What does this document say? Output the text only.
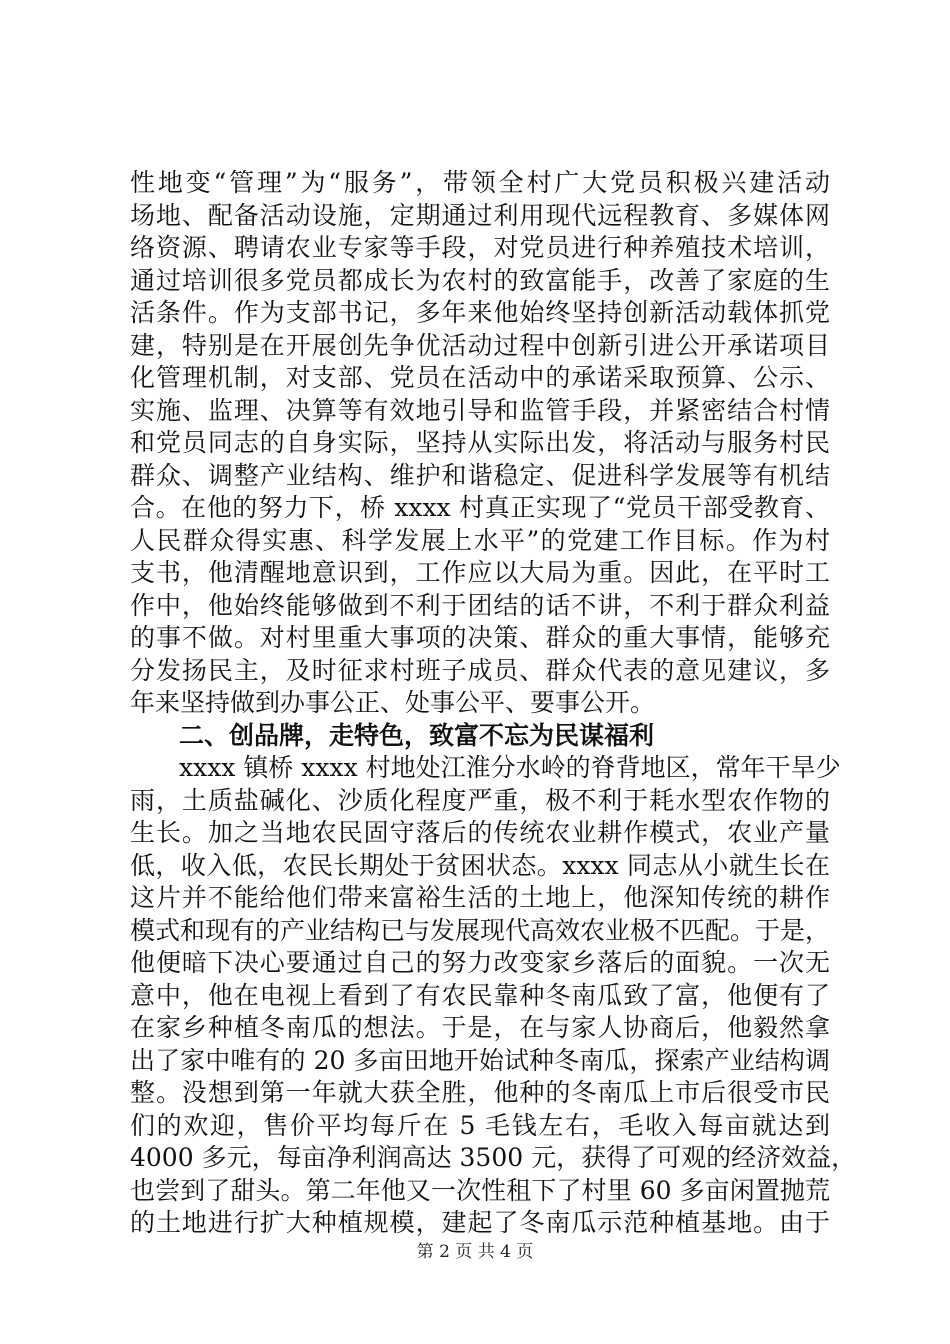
性地变“管理”为“服务”，带领全村广大党员积极兴建活动
场地、配备活动设施，定期通过利用现代远程教育、多媒体网
络资源、聘请农业专家等手段，对党员进行种养殖技术培训，
通过培训很多党员都成长为农村的致富能手，改善了家庭的生
活条件。作为支部书记，多年来他始终坚持创新活动载体抓党
建，特别是在开展创先争优活动过程中创新引进公开承诺项目
化管理机制，对支部、党员在活动中的承诺采取预算、公示、
实施、监理、决算等有效地引导和监管手段，并紧密结合村情
和党员同志的自身实际，坚持从实际出发，将活动与服务村民
群众、调整产业结构、维护和谐稳定、促进科学发展等有机结
合。在他的努力下，桥 xxxx 村真正实现了“党员干部受教育、
人民群众得实惠、科学发展上水平”的党建工作目标。作为村
支书，他清醒地意识到，工作应以大局为重。因此，在平时工
作中，他始终能够做到不利于团结的话不讲，不利于群众利益
的事不做。对村里重大事项的决策、群众的重大事情，能够充
分发扬民主，及时征求村班子成员、群众代表的意见建议，多
年来坚持做到办事公正、处事公平、要事公开。
二、创品牌，走特色，致富不忘为民谋福利
xxxx 镇桥 xxxx 村地处江淮分水岭的脊背地区，常年干旱少
雨，土质盐碱化、沙质化程度严重，极不利于耗水型农作物的
生长。加之当地农民固守落后的传统农业耕作模式，农业产量
低，收入低，农民长期处于贫困状态。xxxx 同志从小就生长在
这片并不能给他们带来富裕生活的土地上，他深知传统的耕作
模式和现有的产业结构已与发展现代高效农业极不匹配。于是，
他便暗下决心要通过自己的努力改变家乡落后的面貌。一次无
意中，他在电视上看到了有农民靠种冬南瓜致了富，他便有了
在家乡种植冬南瓜的想法。于是，在与家人协商后，他毅然拿
出了家中唯有的 20 多亩田地开始试种冬南瓜，探索产业结构调
整。没想到第一年就大获全胜，他种的冬南瓜上市后很受市民
们的欢迎，售价平均每斤在 5 毛钱左右，毛收入每亩就达到
4000 多元，每亩净利润高达 3500 元，获得了可观的经济效益，
也尝到了甜头。第二年他又一次性租下了村里 60 多亩闲置抛荒
的土地进行扩大种植规模，建起了冬南瓜示范种植基地。由于
第 2 页 共 4 页
